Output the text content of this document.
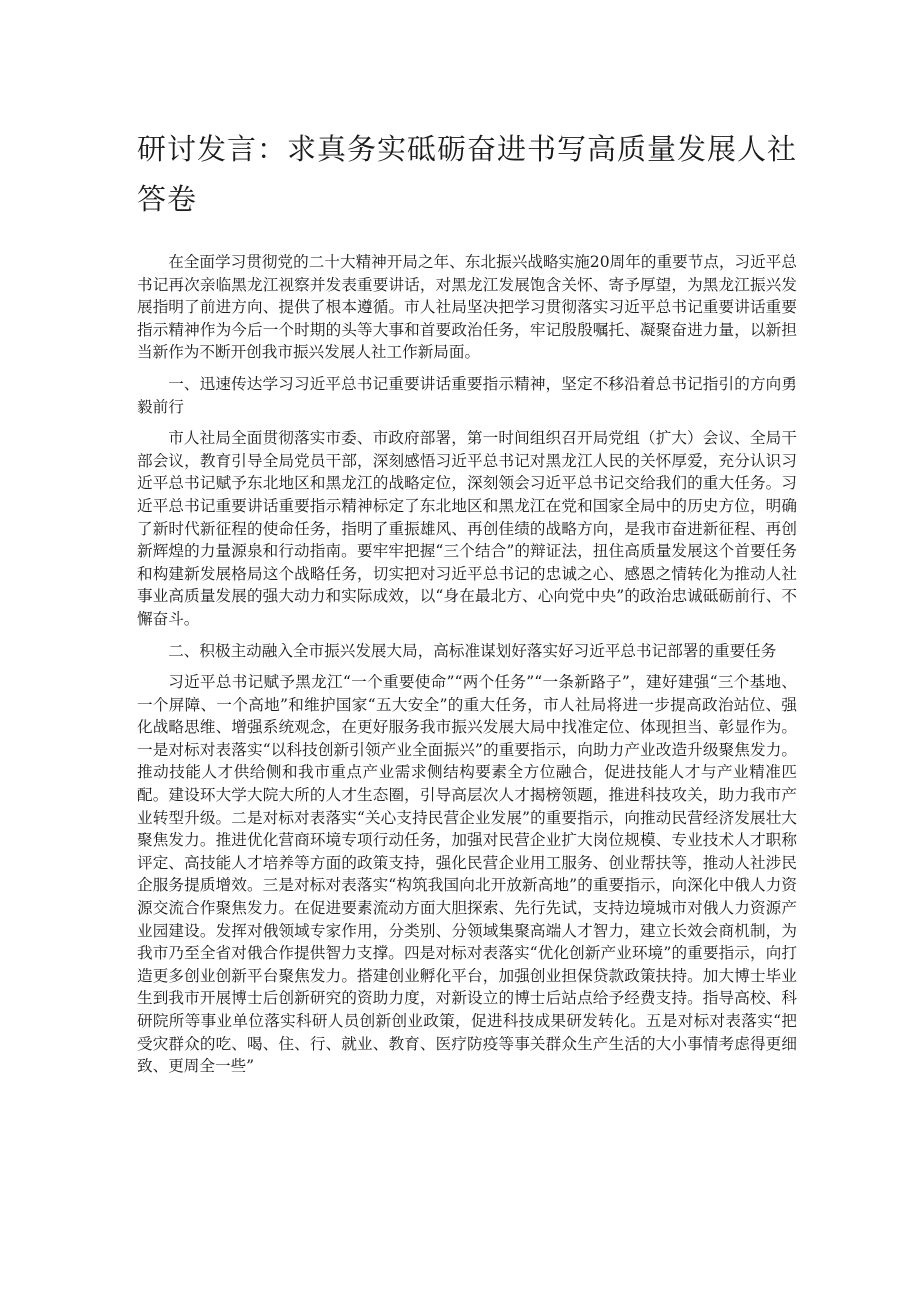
研讨发言：求真务实砥砺奋进书写高质量发展人社
答卷

在全面学习贯彻党的二十大精神开局之年、东北振兴战略实施20周年的重要节点，习近平总书记再次亲临黑龙江视察并发表重要讲话，对黑龙江发展饱含关怀、寄予厚望，为黑龙江振兴发展指明了前进方向、提供了根本遵循。市人社局坚决把学习贯彻落实习近平总书记重要讲话重要指示精神作为今后一个时期的头等大事和首要政治任务，牢记殷殷嘱托、凝聚奋进力量，以新担当新作为不断开创我市振兴发展人社工作新局面。

一、迅速传达学习习近平总书记重要讲话重要指示精神，坚定不移沿着总书记指引的方向勇毅前行

市人社局全面贯彻落实市委、市政府部署，第一时间组织召开局党组（扩大）会议、全局干部会议，教育引导全局党员干部，深刻感悟习近平总书记对黑龙江人民的关怀厚爱，充分认识习近平总书记赋予东北地区和黑龙江的战略定位，深刻领会习近平总书记交给我们的重大任务。习近平总书记重要讲话重要指示精神标定了东北地区和黑龙江在党和国家全局中的历史方位，明确了新时代新征程的使命任务，指明了重振雄风、再创佳绩的战略方向，是我市奋进新征程、再创新辉煌的力量源泉和行动指南。要牢牢把握“三个结合”的辩证法，扭住高质量发展这个首要任务和构建新发展格局这个战略任务，切实把对习近平总书记的忠诚之心、感恩之情转化为推动人社事业高质量发展的强大动力和实际成效，以“身在最北方、心向党中央”的政治忠诚砥砺前行、不懈奋斗。

二、积极主动融入全市振兴发展大局，高标准谋划好落实好习近平总书记部署的重要任务

习近平总书记赋予黑龙江“一个重要使命”“两个任务”“一条新路子”，建好建强“三个基地、一个屏障、一个高地”和维护国家“五大安全”的重大任务，市人社局将进一步提高政治站位、强化战略思维、增强系统观念，在更好服务我市振兴发展大局中找准定位、体现担当、彰显作为。一是对标对表落实“以科技创新引领产业全面振兴”的重要指示，向助力产业改造升级聚焦发力。推动技能人才供给侧和我市重点产业需求侧结构要素全方位融合，促进技能人才与产业精准匹配。建设环大学大院大所的人才生态圈，引导高层次人才揭榜领题，推进科技攻关，助力我市产业转型升级。二是对标对表落实“关心支持民营企业发展”的重要指示，向推动民营经济发展壮大聚焦发力。推进优化营商环境专项行动任务，加强对民营企业扩大岗位规模、专业技术人才职称评定、高技能人才培养等方面的政策支持，强化民营企业用工服务、创业帮扶等，推动人社涉民企服务提质增效。三是对标对表落实“构筑我国向北开放新高地”的重要指示，向深化中俄人力资源交流合作聚焦发力。在促进要素流动方面大胆探索、先行先试，支持边境城市对俄人力资源产业园建设。发挥对俄领域专家作用，分类别、分领域集聚高端人才智力，建立长效会商机制，为我市乃至全省对俄合作提供智力支撑。四是对标对表落实“优化创新产业环境”的重要指示，向打造更多创业创新平台聚焦发力。搭建创业孵化平台，加强创业担保贷款政策扶持。加大博士毕业生到我市开展博士后创新研究的资助力度，对新设立的博士后站点给予经费支持。指导高校、科研院所等事业单位落实科研人员创新创业政策，促进科技成果研发转化。五是对标对表落实“把受灾群众的吃、喝、住、行、就业、教育、医疗防疫等事关群众生产生活的大小事情考虑得更细致、更周全一些”
